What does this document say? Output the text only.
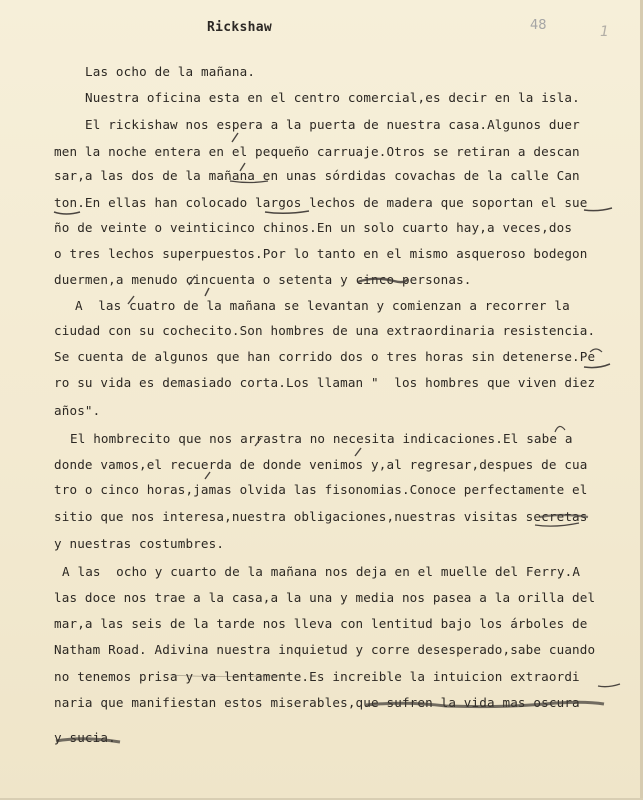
Rickshaw	48	1
Las ocho de la mañana.
Nuestra oficina esta en el centro comercial,es decir en la isla.
El rickishaw nos espera a la puerta de nuestra casa.Algunos duer
men la noche entera en el pequeño carruaje.Otros se retiran a descan
sar,a las dos de la mañana en unas sórdidas covachas de la calle Can
ton.En ellas han colocado largos lechos de madera que soportan el sue
ño de veinte o veinticinco chinos.En un solo cuarto hay,a veces,dos
o tres lechos superpuestos.Por lo tanto en el mismo asqueroso bodegon
duermen,a menudo cincuenta o setenta y cinco personas.
A  las cuatro de la mañana se levantan y comienzan a recorrer la
ciudad con su cochecito.Son hombres de una extraordinaria resistencia.
Se cuenta de algunos que han corrido dos o tres horas sin detenerse.Pe
ro su vida es demasiado corta.Los llaman "  los hombres que viven diez
años".
El hombrecito que nos arrastra no necesita indicaciones.El sabe a
donde vamos,el recuerda de donde venimos y,al regresar,despues de cua
tro o cinco horas,jamas olvida las fisonomias.Conoce perfectamente el
sitio que nos interesa,nuestra obligaciones,nuestras visitas secretas
y nuestras costumbres.
A las  ocho y cuarto de la mañana nos deja en el muelle del Ferry.A
las doce nos trae a la casa,a la una y media nos pasea a la orilla del
mar,a las seis de la tarde nos lleva con lentitud bajo los árboles de
Natham Road. Adivina nuestra inquietud y corre desesperado,sabe cuando
no tenemos prisa y va lentamente.Es increible la intuicion extraordi
naria que manifiestan estos miserables,que sufren la vida mas oscura
y sucia.
